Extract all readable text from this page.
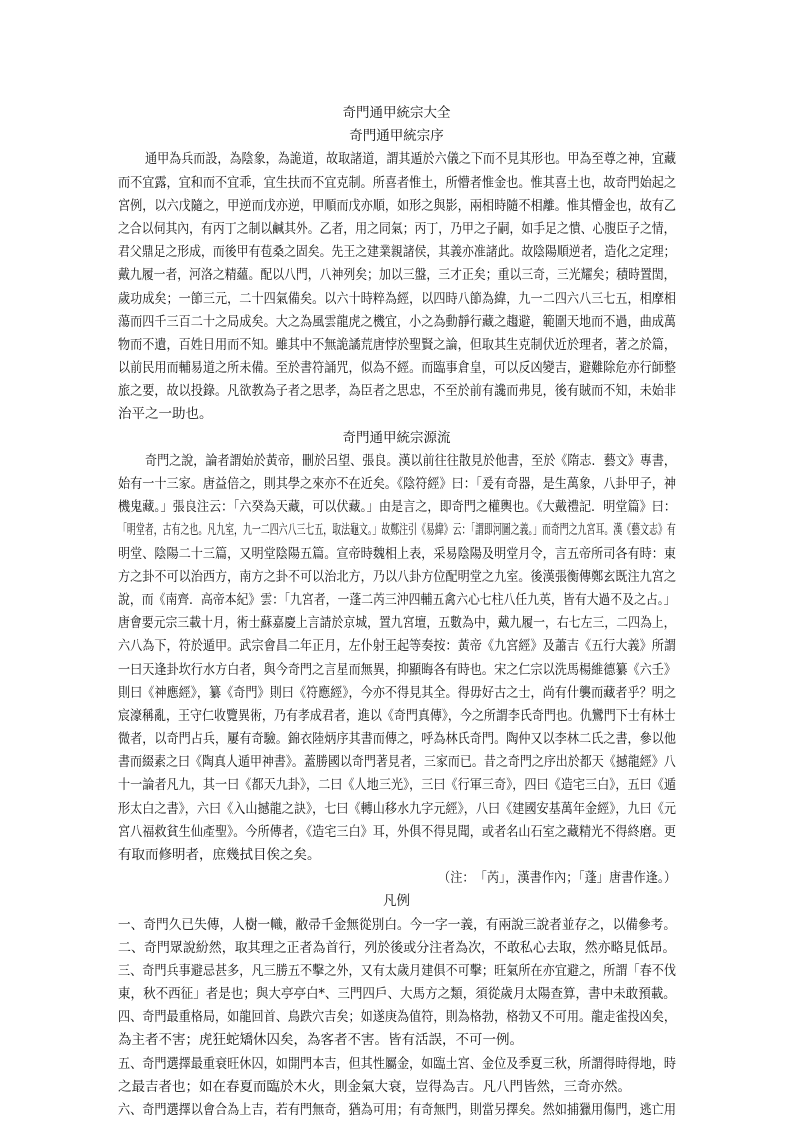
奇門通甲統宗大全
奇門通甲統宗序
通甲為兵而設，為陰象，為詭道，故取諸道，謂其遁於六儀之下而不見其形也。甲為至尊之神，宜藏
而不宜露，宜和而不宜乖，宜生扶而不宜克制。所喜者惟土，所懵者惟金也。惟其喜土也，故奇門始起之
宮例，以六戊隨之，甲逆而戊亦逆，甲順而戊亦順，如形之與影，兩相時隨不相離。惟其懵金也，故有乙
之合以伺其內，有丙丁之制以鹹其外。乙者，用之同氣；丙丁，乃甲之子嗣，如手足之憒、心腹臣子之情，
君父鼎足之形成，而後甲有苞桑之固矣。先王之建業親諸侯，其義亦准諸此。故陰陽順逆者，造化之定理；
戴九履一者，河洛之精蘊。配以八門，八神列矣；加以三盤，三才正矣；重以三奇，三光耀矣；積時置閏，
歲功成矣；一節三元，二十四氣備矣。以六十時粹為經，以四時八節為緯，九一二四六八三七五，相摩相
蕩而四千三百二十之局成矣。大之為風雲龍虎之機宜，小之為動靜行藏之趨避，範圍天地而不過，曲成萬
物而不遺，百姓日用而不知。雖其中不無詭譎荒唐悖於聖賢之論，但取其生克制伏近於理者，著之於篇，
以前民用而輔易道之所未備。至於書符誦咒，似為不經。而臨事倉皇，可以反凶變吉，避難除危亦行師整
旅之要，故以投錄。凡欲教為子者之思孝，為臣者之思忠，不至於前有讒而弗見，後有賊而不知，未始非
治平之一助也。
奇門通甲統宗源流
奇門之說，論者謂始於黃帝，刪於呂望、張良。漢以前往往散見於他書，至於《隋志．藝文》專書，
始有一十三家。唐益倍之，則其學之來亦不在近矣。《陰符經》曰：「爰有奇器，是生萬象，八卦甲子，神
機鬼藏。」張良注云：「六癸為天藏，可以伏藏。」由是言之，即奇門之權輿也。《大戴禮記．明堂篇》曰：
「明堂者，古有之也。凡九室，九一二四六八三七五，取法龜文。」故鄭注引《易緯》云：「謂即河圖之義。」而奇門之九宮耳。漢《藝文志》有
明堂、陰陽二十三篇，又明堂陰陽五篇。宣帝時魏相上表，采易陰陽及明堂月令，言五帝所司各有時：東
方之卦不可以治西方，南方之卦不可以治北方，乃以八卦方位配明堂之九室。後漢張衡傳鄭玄既注九宮之
說，而《南齊．高帝本紀》雲：「九宮者，一蓬二芮三沖四輔五禽六心七柱八任九英，皆有大過不及之占。」
唐會要元宗三載十月，術士蘇嘉慶上言請於京城，置九宮壇，五數為中，戴九履一，右七左三，二四為上，
六八為下，符於遁甲。武宗會昌二年正月，左仆射王起等奏按：黃帝《九宮經》及蕭吉《五行大義》所謂
一曰天逢卦坎行水方白者，與今奇門之言星而無異，抑顯晦各有時也。宋之仁宗以洗馬楊維德纂《六壬》
則曰《神應經》，纂《奇門》則曰《符應經》，今亦不得見其全。得毋好古之士，尚有什襲而藏者乎？明之
宸濠稱亂，王守仁收覽異術，乃有孝成君者，進以《奇門真傳》，今之所謂李氏奇門也。仇鸞門下士有林士
微者，以奇門占兵，屢有奇驗。錦衣陸炳序其書而傳之，呼為林氏奇門。陶仲又以李林二氏之書，參以他
書而綴素之曰《陶真人遁甲神書》。蓋勝國以奇門著見者，三家而已。昔之奇門之序出於都天《撼龍經》八
十一論者凡九，其一曰《都天九卦》，二曰《人地三光》，三曰《行軍三奇》，四曰《造宅三白》，五曰《遁
形太白之書》，六曰《入山撼龍之訣》，七曰《轉山移水九字元經》，八曰《建國安基萬年金經》，九曰《元
宮八福救貧生仙產聖》。今所傳者，《造宅三白》耳，外俱不得見聞，或者名山石室之藏精光不得終磨。更
有取而修明者，庶幾拭目俟之矣。
（注：　「芮」，漢書作內；「蓬」唐書作逢。）
凡例
一、奇門久已失傳，人樹一幟，敝帚千金無從別白。今一字一義，有兩說三說者並存之，以備參考。
二、奇門眾說紛然，取其理之正者為首行，列於後或分注者為次，不敢私心去取，然亦略見低昂。
三、奇門兵事避忌甚多，凡三勝五不擊之外，又有太歲月建俱不可擊；旺氣所在亦宜避之，所謂「春不伐
東，秋不西征」者是也；與大亭亭白*、三門四戶、大馬方之類，須從歲月太陽查算，書中未敢預載。
四、奇門最重格局，如龍回首、鳥跌穴吉矣；如遂庚為值符，則為格勃，格勃又不可用。龍走雀投凶矣，
為主者不害；虎狂蛇矯休囚矣，為客者不害。皆有活誤，不可一例。
五、奇門選擇最重衰旺休囚，如開門本吉，但其性屬金，如臨土宮、金位及季夏三秋，所謂得時得地，時
之最吉者也；如在春夏而臨於木火，則金氣大衰，豈得為吉。凡八門皆然，三奇亦然。
六、奇門選擇以會合為上吉，若有門無奇，猶為可用；有奇無門，則當另擇矣。然如捕獵用傷門，逃亡用
